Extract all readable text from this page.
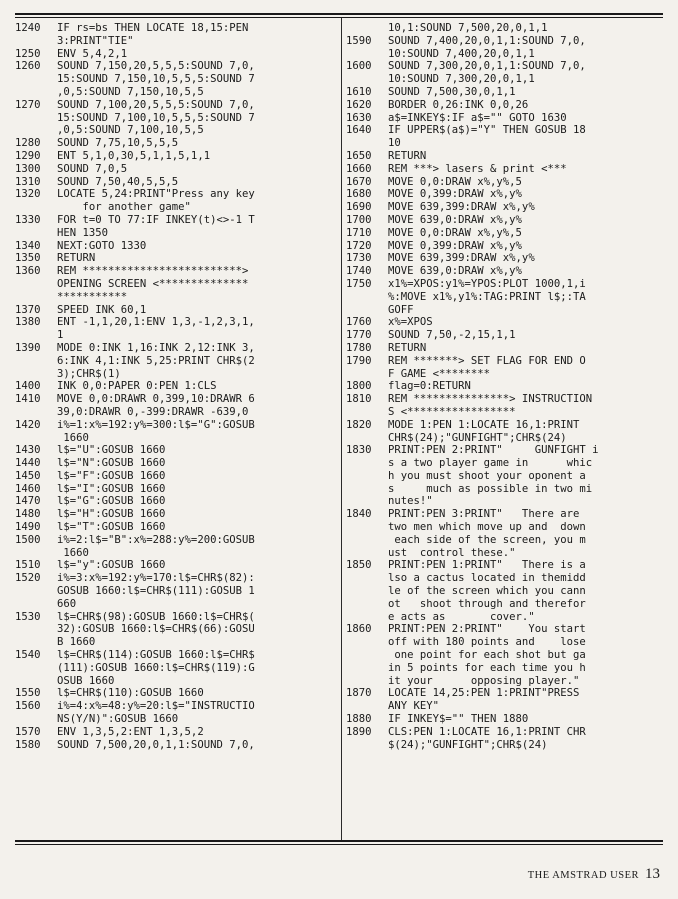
1240	IF rs=bs THEN LOCATE 18,15:PEN
3:PRINT"TIE"
1250	ENV 5,4,2,1
1260	SOUND 7,150,20,5,5,5:SOUND 7,0,
15:SOUND 7,150,10,5,5,5:SOUND 7
,0,5:SOUND 7,150,10,5,5
1270	SOUND 7,100,20,5,5,5:SOUND 7,0,
15:SOUND 7,100,10,5,5,5:SOUND 7
,0,5:SOUND 7,100,10,5,5
1280	SOUND 7,75,10,5,5,5
1290	ENT 5,1,0,30,5,1,1,5,1,1
1300	SOUND 7,0,5
1310	SOUND 7,50,40,5,5,5
1320	LOCATE 5,24:PRINT"Press any key
for another game"
1330	FOR t=0 TO 77:IF INKEY(t)<>-1 T
HEN 1350
1340	NEXT:GOTO 1330
1350	RETURN
1360	REM *************************>
OPENING SCREEN <**************
***********
1370	SPEED INK 60,1
1380	ENT -1,1,20,1:ENV 1,3,-1,2,3,1,
1
1390	MODE 0:INK 1,16:INK 2,12:INK 3,
6:INK 4,1:INK 5,25:PRINT CHR$(2
3);CHR$(1)
1400	INK 0,0:PAPER 0:PEN 1:CLS
1410	MOVE 0,0:DRAWR 0,399,10:DRAWR 6
39,0:DRAWR 0,-399:DRAWR -639,0
1420	i%=1:x%=192:y%=300:l$="G":GOSUB
1660
1430	l$="U":GOSUB 1660
1440	l$="N":GOSUB 1660
1450	l$="F":GOSUB 1660
1460	l$="I":GOSUB 1660
1470	l$="G":GOSUB 1660
1480	l$="H":GOSUB 1660
1490	l$="T":GOSUB 1660
1500	i%=2:l$="B":x%=288:y%=200:GOSUB
1660
1510	l$="y":GOSUB 1660
1520	i%=3:x%=192:y%=170:l$=CHR$(82):
GOSUB 1660:l$=CHR$(111):GOSUB 1
660
1530	l$=CHR$(98):GOSUB 1660:l$=CHR$(
32):GOSUB 1660:l$=CHR$(66):GOSU
B 1660
1540	l$=CHR$(114):GOSUB 1660:l$=CHR$
(111):GOSUB 1660:l$=CHR$(119):G
OSUB 1660
1550	l$=CHR$(110):GOSUB 1660
1560	i%=4:x%=48:y%=20:l$="INSTRUCTIO
NS(Y/N)":GOSUB 1660
1570	ENV 1,3,5,2:ENT 1,3,5,2
1580	SOUND 7,500,20,0,1,1:SOUND 7,0,
10,1:SOUND 7,500,20,0,1,1
1590	SOUND 7,400,20,0,1,1:SOUND 7,0,
10:SOUND 7,400,20,0,1,1
1600	SOUND 7,300,20,0,1,1:SOUND 7,0,
10:SOUND 7,300,20,0,1,1
1610	SOUND 7,500,30,0,1,1
1620	BORDER 0,26:INK 0,0,26
1630	a$=INKEY$:IF a$="" GOTO 1630
1640	IF UPPER$(a$)="Y" THEN GOSUB 18
10
1650	RETURN
1660	REM ***> lasers & print <***
1670	MOVE 0,0:DRAW x%,y%,5
1680	MOVE 0,399:DRAW x%,y%
1690	MOVE 639,399:DRAW x%,y%
1700	MOVE 639,0:DRAW x%,y%
1710	MOVE 0,0:DRAW x%,y%,5
1720	MOVE 0,399:DRAW x%,y%
1730	MOVE 639,399:DRAW x%,y%
1740	MOVE 639,0:DRAW x%,y%
1750	x1%=XPOS:y1%=YPOS:PLOT 1000,1,i
%:MOVE x1%,y1%:TAG:PRINT l$;:TA
GOFF
1760	x%=XPOS
1770	SOUND 7,50,-2,15,1,1
1780	RETURN
1790	REM *******> SET FLAG FOR END O
F GAME <********
1800	flag=0:RETURN
1810	REM ***************> INSTRUCTION
S <*****************
1820	MODE 1:PEN 1:LOCATE 16,1:PRINT
CHR$(24);"GUNFIGHT";CHR$(24)
1830	PRINT:PEN 2:PRINT"     GUNFIGHT i
s a two player game in      whic
h you must shoot your oponent a
s     much as possible in two mi
nutes!"
1840	PRINT:PEN 3:PRINT"   There are
two men which move up and  down
each side of the screen, you m
ust  control these."
1850	PRINT:PEN 1:PRINT"   There is a
lso a cactus located in themidd
le of the screen which you cann
ot   shoot through and therefor
e acts as       cover."
1860	PRINT:PEN 2:PRINT"    You start
off with 180 points and    lose
one point for each shot but ga
in 5 points for each time you h
it your      opposing player."
1870	LOCATE 14,25:PEN 1:PRINT"PRESS
ANY KEY"
1880	IF INKEY$="" THEN 1880
1890	CLS:PEN 1:LOCATE 16,1:PRINT CHR
$(24);"GUNFIGHT";CHR$(24)
THE AMSTRAD USER 13
